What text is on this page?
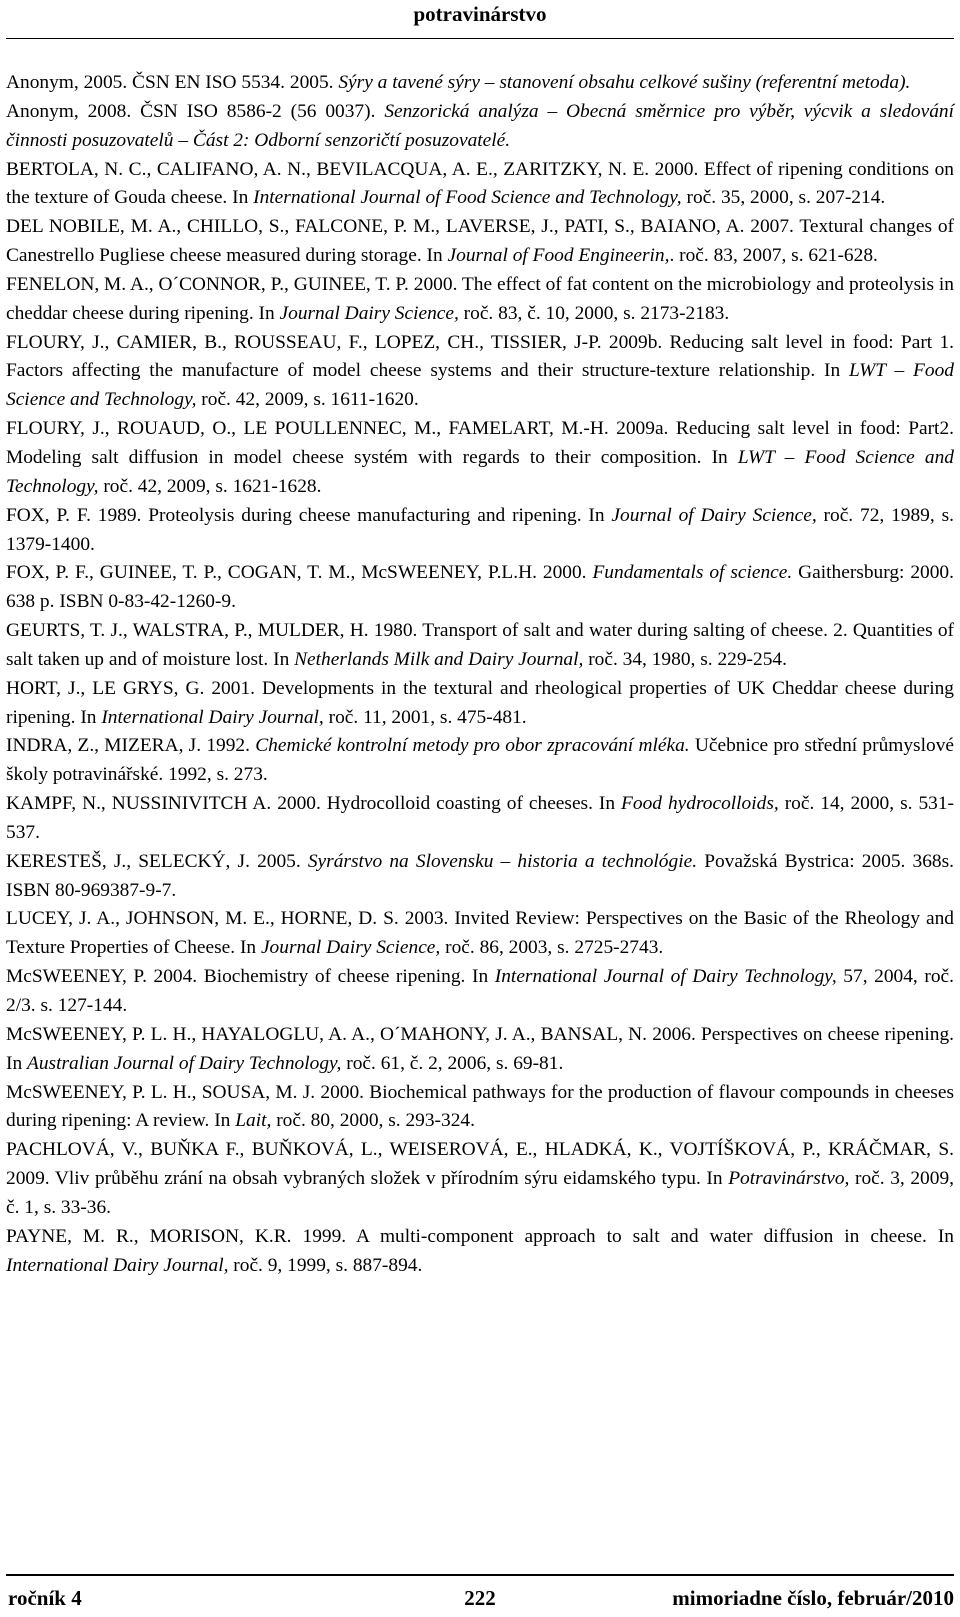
potravinárstvo

Anonym, 2005. ČSN EN ISO 5534. 2005. Sýry a tavené sýry – stanovení obsahu celkové sušiny (referentní metoda).

Anonym, 2008. ČSN ISO 8586-2 (56 0037). Senzorická analýza – Obecná směrnice pro výběr, výcvik a sledování činnosti posuzovatelů – Část 2: Odborní senzoričtí posuzovatelé.

BERTOLA, N. C., CALIFANO, A. N., BEVILACQUA, A. E., ZARITZKY, N. E. 2000. Effect of ripening conditions on the texture of Gouda cheese. In International Journal of Food Science and Technology, roč. 35, 2000, s. 207-214.

DEL NOBILE, M. A., CHILLO, S., FALCONE, P. M., LAVERSE, J., PATI, S., BAIANO, A. 2007. Textural changes of Canestrello Pugliese cheese measured during storage. In Journal of Food Engineerin,. roč. 83, 2007, s. 621-628.

FENELON, M. A., O´CONNOR, P., GUINEE, T. P. 2000. The effect of fat content on the microbiology and proteolysis in cheddar cheese during ripening. In Journal Dairy Science, roč. 83, č. 10, 2000, s. 2173-2183.

FLOURY, J., CAMIER, B., ROUSSEAU, F., LOPEZ, CH., TISSIER, J-P. 2009b. Reducing salt level in food: Part 1. Factors affecting the manufacture of model cheese systems and their structure-texture relationship. In LWT – Food Science and Technology, roč. 42, 2009, s. 1611-1620.

FLOURY, J., ROUAUD, O., LE POULLENNEC, M., FAMELART, M.-H. 2009a. Reducing salt level in food: Part2. Modeling salt diffusion in model cheese systém with regards to their composition. In LWT – Food Science and Technology, roč. 42, 2009, s. 1621-1628.

FOX, P. F. 1989. Proteolysis during cheese manufacturing and ripening. In Journal of Dairy Science, roč. 72, 1989, s. 1379-1400.

FOX, P. F., GUINEE, T. P., COGAN, T. M., McSWEENEY, P.L.H. 2000. Fundamentals of science. Gaithersburg: 2000. 638 p. ISBN 0-83-42-1260-9.

GEURTS, T. J., WALSTRA, P., MULDER, H. 1980. Transport of salt and water during salting of cheese. 2. Quantities of salt taken up and of moisture lost. In Netherlands Milk and Dairy Journal, roč. 34, 1980, s. 229-254.

HORT, J., LE GRYS, G. 2001. Developments in the textural and rheological properties of UK Cheddar cheese during ripening. In International Dairy Journal, roč. 11, 2001, s. 475-481.

INDRA, Z., MIZERA, J. 1992. Chemické kontrolní metody pro obor zpracování mléka. Učebnice pro střední průmyslové školy potravinářské. 1992, s. 273.

KAMPF, N., NUSSINIVITCH A. 2000. Hydrocolloid coasting of cheeses. In Food hydrocolloids, roč. 14, 2000, s. 531-537.

KERESTEŠ, J., SELECKÝ, J. 2005. Syrárstvo na Slovensku – historia a technológie. Považská Bystrica: 2005. 368s. ISBN 80-969387-9-7.

LUCEY, J. A., JOHNSON, M. E., HORNE, D. S. 2003. Invited Review: Perspectives on the Basic of the Rheology and Texture Properties of Cheese. In Journal Dairy Science, roč. 86, 2003, s. 2725-2743.

McSWEENEY, P. 2004. Biochemistry of cheese ripening. In International Journal of Dairy Technology, 57, 2004, roč. 2/3. s. 127-144.

McSWEENEY, P. L. H., HAYALOGLU, A. A., O´MAHONY, J. A., BANSAL, N. 2006. Perspectives on cheese ripening. In Australian Journal of Dairy Technology, roč. 61, č. 2, 2006, s. 69-81.

McSWEENEY, P. L. H., SOUSA, M. J. 2000. Biochemical pathways for the production of flavour compounds in cheeses during ripening: A review. In Lait, roč. 80, 2000, s. 293-324.

PACHLOVÁ, V., BUŇKA F., BUŇKOVÁ, L., WEISEROVÁ, E., HLADKÁ, K., VOJTÍŠKOVÁ, P., KRÁČMAR, S. 2009. Vliv průběhu zrání na obsah vybraných složek v přírodním sýru eidamského typu. In Potravinárstvo, roč. 3, 2009, č. 1, s. 33-36.

PAYNE, M. R., MORISON, K.R. 1999. A multi-component approach to salt and water diffusion in cheese. In International Dairy Journal, roč. 9, 1999, s. 887-894.

ročník 4	222	mimoriadne číslo, február/2010
